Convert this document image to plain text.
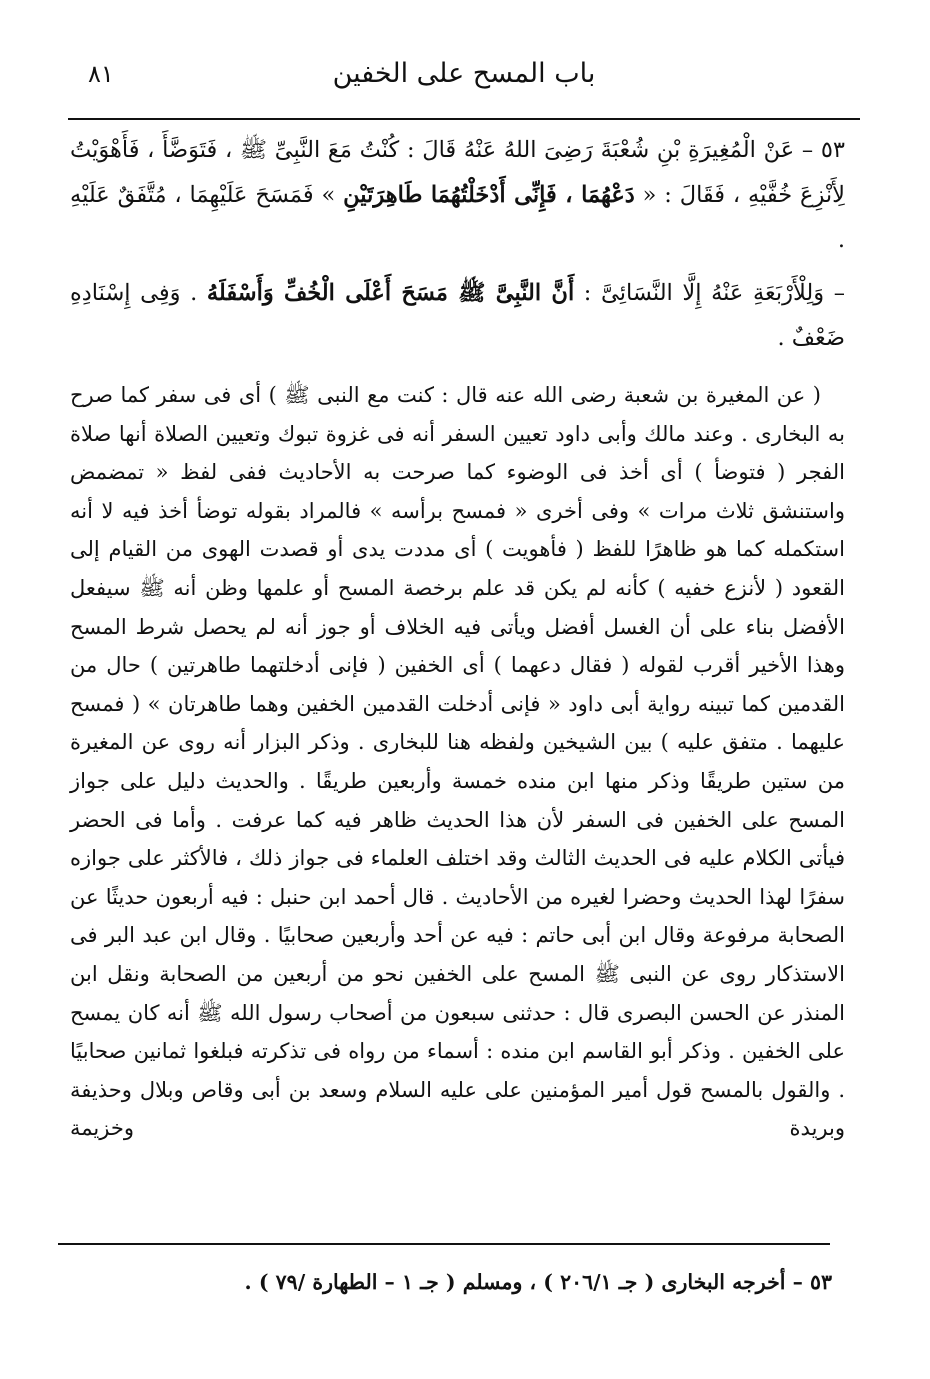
٨١	باب المسح على الخفين

٥٣ – عَنْ الْمُغِيرَةِ بْنِ شُعْبَةَ رَضِىَ اللهُ عَنْهُ قَالَ : كُنْتُ مَعَ النَّبِىِّ ﷺ ، فَتَوَضَّأَ ، فَأَهْوَيْتُ لِأَنْزِعَ خُفَّيْهِ ، فَقَالَ : « دَعْهُمَا ، فَإِنِّى أَدْخَلْتُهُمَا طَاهِرَتَيْنِ » فَمَسَحَ عَلَيْهِمَا ، مُتَّفَقٌ عَلَيْهِ .

– وَلِلْأَرْبَعَةِ عَنْهُ إِلَّا النَّسَائِىَّ : أَنَّ النَّبِىَّ ﷺ مَسَحَ أَعْلَى الْخُفِّ وَأَسْفَلَهُ . وَفِى إِسْنَادِهِ ضَعْفٌ .

( عن المغيرة بن شعبة رضى الله عنه قال : كنت مع النبى ﷺ ) أى فى سفر كما صرح به البخارى . وعند مالك وأبى داود تعيين السفر أنه فى غزوة تبوك وتعيين الصلاة أنها صلاة الفجر ( فتوضأ ) أى أخذ فى الوضوء كما صرحت به الأحاديث ففى لفظ « تمضمض واستنشق ثلاث مرات » وفى أخرى « فمسح برأسه » فالمراد بقوله توضأ أخذ فيه لا أنه استكمله كما هو ظاهرًا للفظ ( فأهويت ) أى مددت يدى أو قصدت الهوى من القيام إلى القعود ( لأنزع خفيه ) كأنه لم يكن قد علم برخصة المسح أو علمها وظن أنه ﷺ سيفعل الأفضل بناء على أن الغسل أفضل ويأتى فيه الخلاف أو جوز أنه لم يحصل شرط المسح وهذا الأخير أقرب لقوله ( فقال دعهما ) أى الخفين ( فإنى أدخلتهما طاهرتين ) حال من القدمين كما تبينه رواية أبى داود « فإنى أدخلت القدمين الخفين وهما طاهرتان » ( فمسح عليهما . متفق عليه ) بين الشيخين ولفظه هنا للبخارى . وذكر البزار أنه روى عن المغيرة من ستين طريقًا وذكر منها ابن منده خمسة وأربعين طريقًا . والحديث دليل على جواز المسح على الخفين فى السفر لأن هذا الحديث ظاهر فيه كما عرفت . وأما فى الحضر فيأتى الكلام عليه فى الحديث الثالث وقد اختلف العلماء فى جواز ذلك ، فالأكثر على جوازه سفرًا لهذا الحديث وحضرا لغيره من الأحاديث . قال أحمد ابن حنبل : فيه أربعون حديثًا عن الصحابة مرفوعة وقال ابن أبى حاتم : فيه عن أحد وأربعين صحابيًا . وقال ابن عبد البر فى الاستذكار روى عن النبى ﷺ المسح على الخفين نحو من أربعين من الصحابة ونقل ابن المنذر عن الحسن البصرى قال : حدثنى سبعون من أصحاب رسول الله ﷺ أنه كان يمسح على الخفين . وذكر أبو القاسم ابن منده : أسماء من رواه فى تذكرته فبلغوا ثمانين صحابيًا . والقول بالمسح قول أمير المؤمنين على عليه السلام وسعد بن أبى وقاص وبلال وحذيفة وبريدة وخزيمة

٥٣ – أخرجه البخارى ( جـ ٢٠٦/١ ) ، ومسلم ( جـ ١ – الطهارة /٧٩ ) .
